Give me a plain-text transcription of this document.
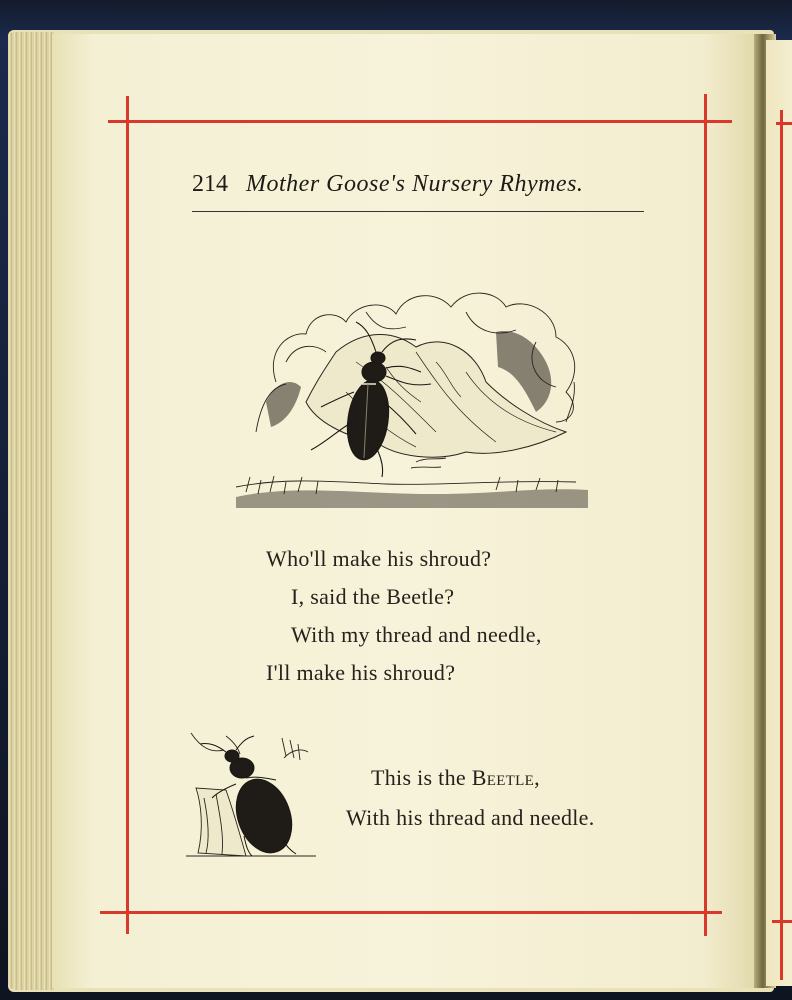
214 Mother Goose's Nursery Rhymes.
Who'll make his shroud?
I, said the Beetle?
With my thread and needle,
I'll make his shroud?
This is the Beetle,
With his thread and needle.
